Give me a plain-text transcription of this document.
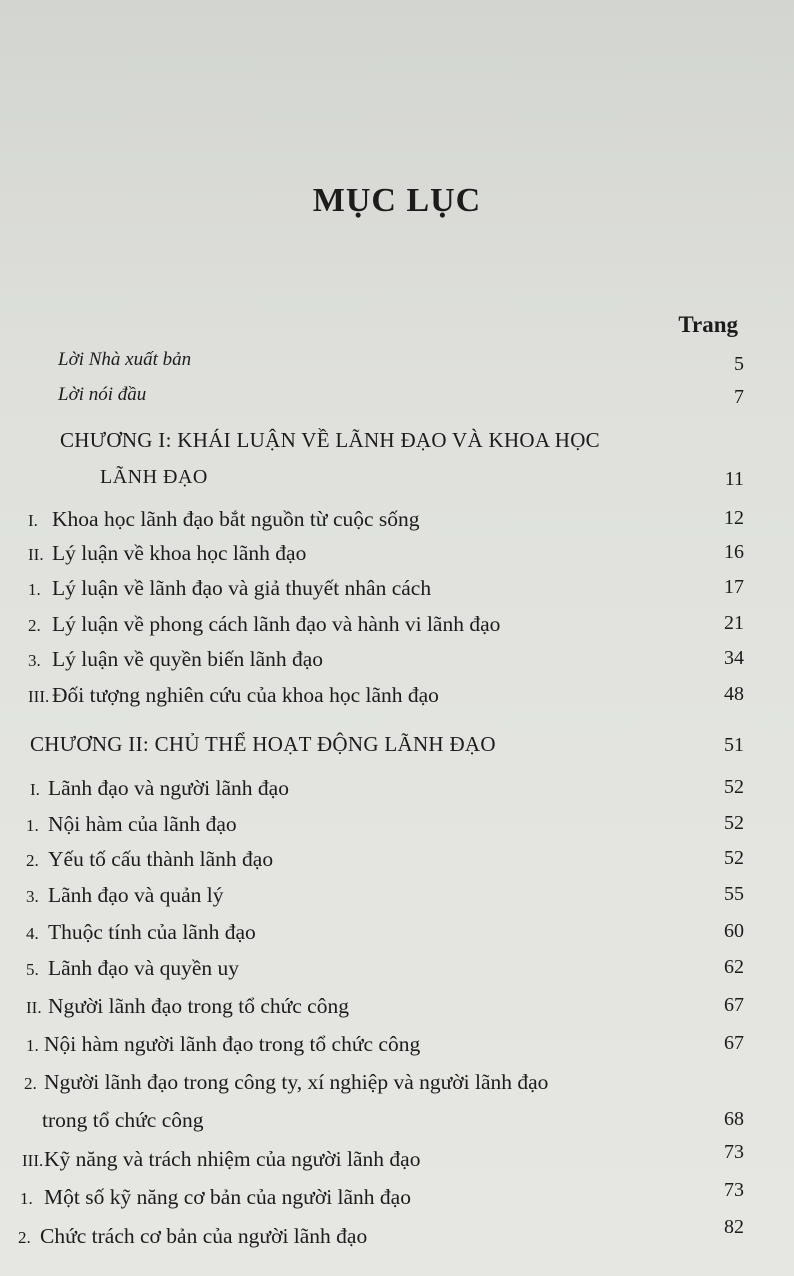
MỤC LỤC
Trang
Lời Nhà xuất bản	5
Lời nói đầu	7
CHƯƠNG I: KHÁI LUẬN VỀ LÃNH ĐẠO VÀ KHOA HỌC
LÃNH ĐẠO	11
I. Khoa học lãnh đạo bắt nguồn từ cuộc sống	12
II. Lý luận về khoa học lãnh đạo	16
1. Lý luận về lãnh đạo và giả thuyết nhân cách	17
2. Lý luận về phong cách lãnh đạo và hành vi lãnh đạo	21
3. Lý luận về quyền biến lãnh đạo	34
III. Đối tượng nghiên cứu của khoa học lãnh đạo	48
CHƯƠNG II: CHỦ THỂ HOẠT ĐỘNG LÃNH ĐẠO	51
I. Lãnh đạo và người lãnh đạo	52
1. Nội hàm của lãnh đạo	52
2. Yếu tố cấu thành lãnh đạo	52
3. Lãnh đạo và quản lý	55
4. Thuộc tính của lãnh đạo	60
5. Lãnh đạo và quyền uy	62
II. Người lãnh đạo trong tổ chức công	67
1. Nội hàm người lãnh đạo trong tổ chức công	67
2. Người lãnh đạo trong công ty, xí nghiệp và người lãnh đạo
trong tổ chức công	68
III. Kỹ năng và trách nhiệm của người lãnh đạo	73
1. Một số kỹ năng cơ bản của người lãnh đạo	73
2. Chức trách cơ bản của người lãnh đạo	82
